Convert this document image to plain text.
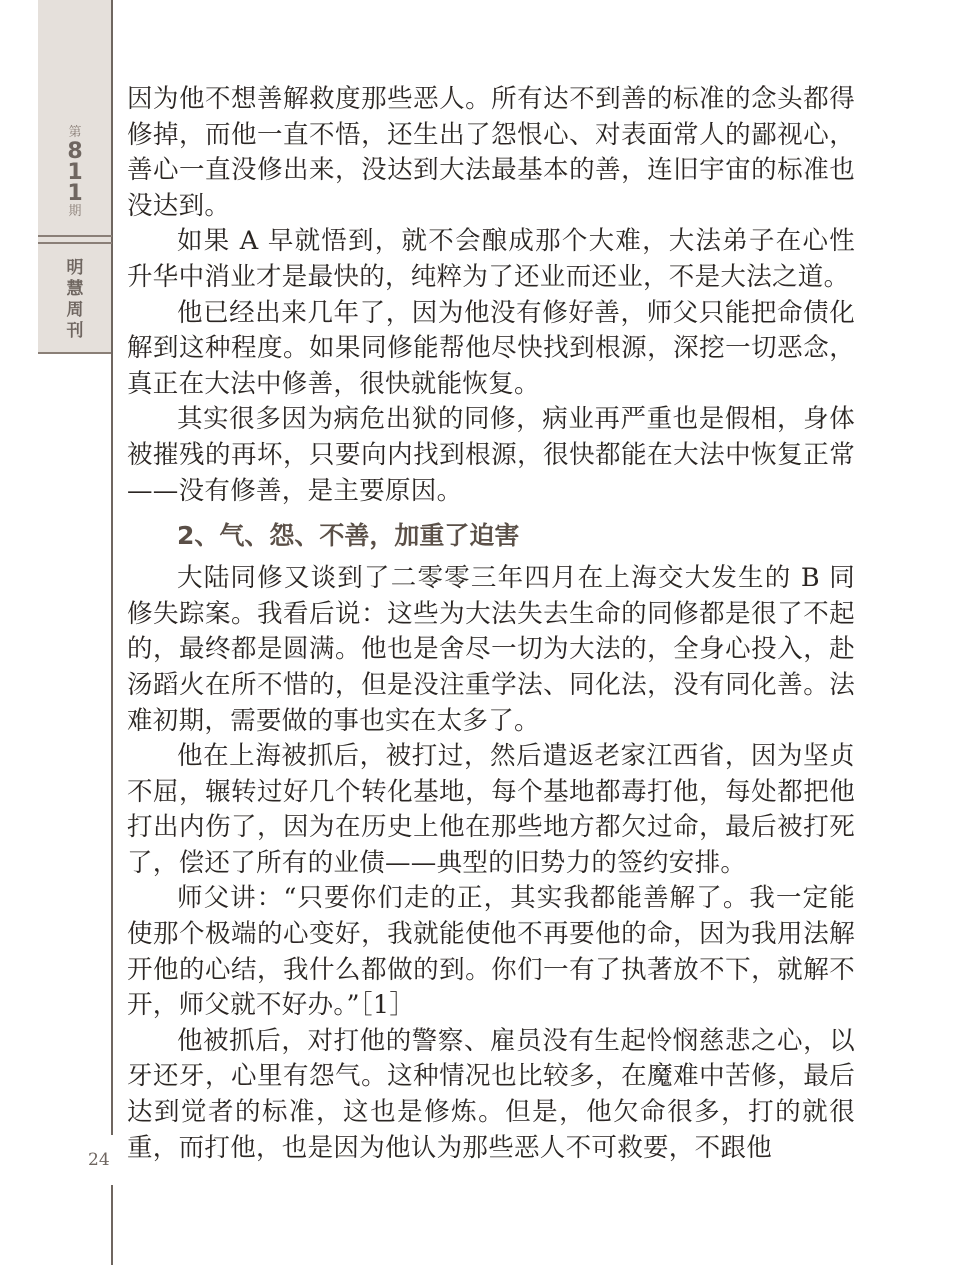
第
8
1
1
期
明
慧
周
刊
24

因为他不想善解救度那些恶人。所有达不到善的标准的念头都得修掉，而他一直不悟，还生出了怨恨心、对表面常人的鄙视心，善心一直没修出来，没达到大法最基本的善，连旧宇宙的标准也没达到。

如果 A 早就悟到，就不会酿成那个大难，大法弟子在心性升华中消业才是最快的，纯粹为了还业而还业，不是大法之道。

他已经出来几年了，因为他没有修好善，师父只能把命债化解到这种程度。如果同修能帮他尽快找到根源，深挖一切恶念，真正在大法中修善，很快就能恢复。

其实很多因为病危出狱的同修，病业再严重也是假相，身体被摧残的再坏，只要向内找到根源，很快都能在大法中恢复正常——没有修善，是主要原因。

2、气、怨、不善，加重了迫害

大陆同修又谈到了二零零三年四月在上海交大发生的 B 同修失踪案。我看后说：这些为大法失去生命的同修都是很了不起的，最终都是圆满。他也是舍尽一切为大法的，全身心投入，赴汤蹈火在所不惜的，但是没注重学法、同化法，没有同化善。法难初期，需要做的事也实在太多了。

他在上海被抓后，被打过，然后遣返老家江西省，因为坚贞不屈，辗转过好几个转化基地，每个基地都毒打他，每处都把他打出内伤了，因为在历史上他在那些地方都欠过命，最后被打死了，偿还了所有的业债——典型的旧势力的签约安排。

师父讲：“只要你们走的正，其实我都能善解了。我一定能使那个极端的心变好，我就能使他不再要他的命，因为我用法解开他的心结，我什么都做的到。你们一有了执著放不下，就解不开，师父就不好办。”［1］

他被抓后，对打他的警察、雇员没有生起怜悯慈悲之心，以牙还牙，心里有怨气。这种情况也比较多，在魔难中苦修，最后达到觉者的标准，这也是修炼。但是，他欠命很多，打的就很重，而打他，也是因为他认为那些恶人不可救要，不跟他
